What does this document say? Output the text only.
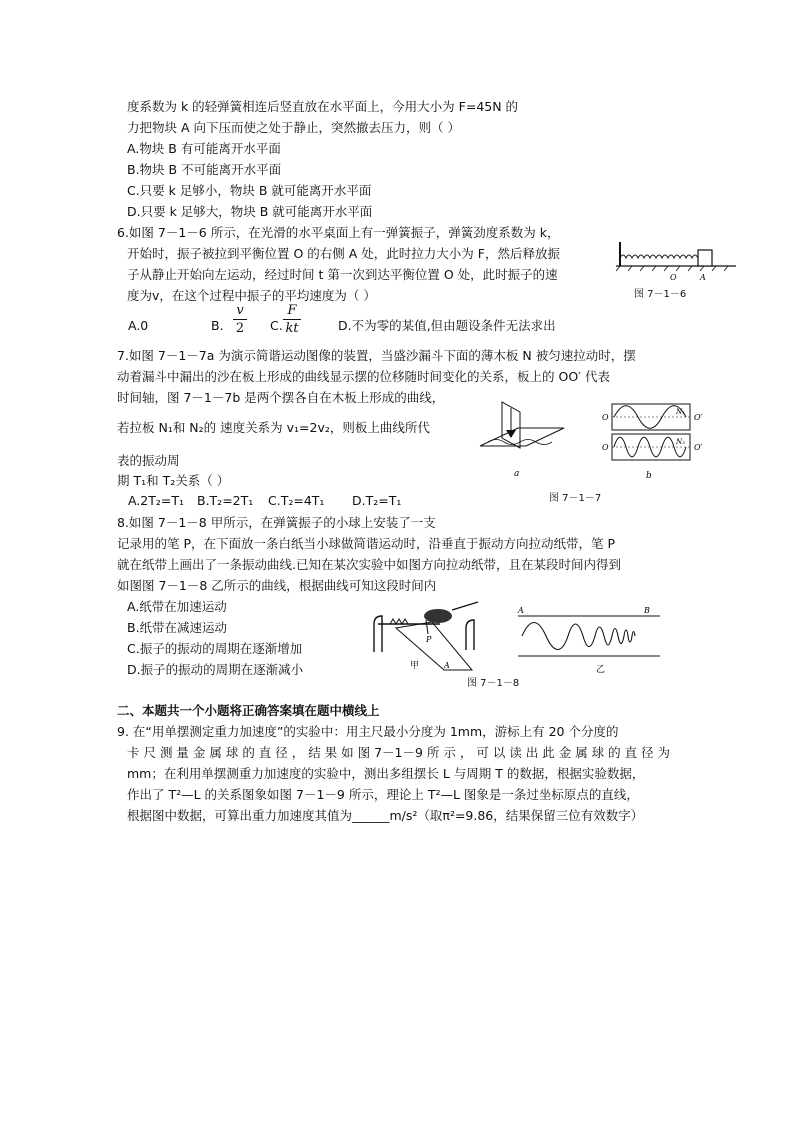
度系数为 k 的轻弹簧相连后竖直放在水平面上，今用大小为 F=45N 的
力把物块 A 向下压而使之处于静止，突然撤去压力，则（ ）
A.物块 B 有可能离开水平面
B.物块 B 不可能离开水平面
C.只要 k 足够小，物块 B 就可能离开水平面
D.只要 k 足够大，物块 B 就可能离开水平面
6.如图 7－1－6 所示，在光滑的水平桌面上有一弹簧振子，弹簧劲度系数为 k，
开始时，振子被拉到平衡位置 O 的右侧 A 处，此时拉力大小为 F，然后释放振
子从静止开始向左运动，经过时间 t 第一次到达平衡位置 O 处，此时振子的速
度为v，在这个过程中振子的平均速度为（ ）
O	A
图 7－1－6
A.0	B.
v
2 C.
F
kt	D.不为零的某值,但由题设条件无法求出
7.如图 7－1－7a 为演示简谐运动图像的装置，当盛沙漏斗下面的薄木板 N 被匀速拉动时，摆
动着漏斗中漏出的沙在板上形成的曲线显示摆的位移随时间变化的关系，板上的 OO′ 代表
时间轴，图 7－1－7b 是两个摆各自在木板上形成的曲线，
若拉板 N₁和 N₂的 速度关系为 v₁=2v₂，则板上曲线所代
表的振动周
期 T₁和 T₂关系（ ）
A.2T₂=T₁ B.T₂=2T₁ C.T₂=4T₁ D.T₂=T₁
a
O	O′
O	O′
N₁
N₂
b
图 7－1－7
8.如图 7－1－8 甲所示，在弹簧振子的小球上安装了一支
记录用的笔 P，在下面放一条白纸当小球做简谐运动时，沿垂直于振动方向拉动纸带，笔 P
就在纸带上画出了一条振动曲线.已知在某次实验中如图方向拉动纸带，且在某段时间内得到
如图图 7－1－8 乙所示的曲线，根据曲线可知这段时间内
A.纸带在加速运动
B.纸带在减速运动
C.振子的振动的周期在逐渐增加
D.振子的振动的周期在逐渐减小
P
A
甲
A	B
乙
图 7－1－8
二、本题共一个小题将正确答案填在题中横线上
9. 在“用单摆测定重力加速度”的实验中：用主尺最小分度为 1mm，游标上有 20 个分度的
卡 尺 测 量 金 属 球 的 直 径 ， 结 果 如 图 7－1－9 所 示 ， 可 以 读 出 此 金 属 球 的 直 径 为
mm；在利用单摆测重力加速度的实验中，测出多组摆长 L 与周期 T 的数据，根据实验数据，
作出了 T²—L 的关系图象如图 7－1－9 所示，理论上 T²—L 图象是一条过坐标原点的直线，
根据图中数据，可算出重力加速度其值为______m/s²（取π²=9.86，结果保留三位有效数字）
